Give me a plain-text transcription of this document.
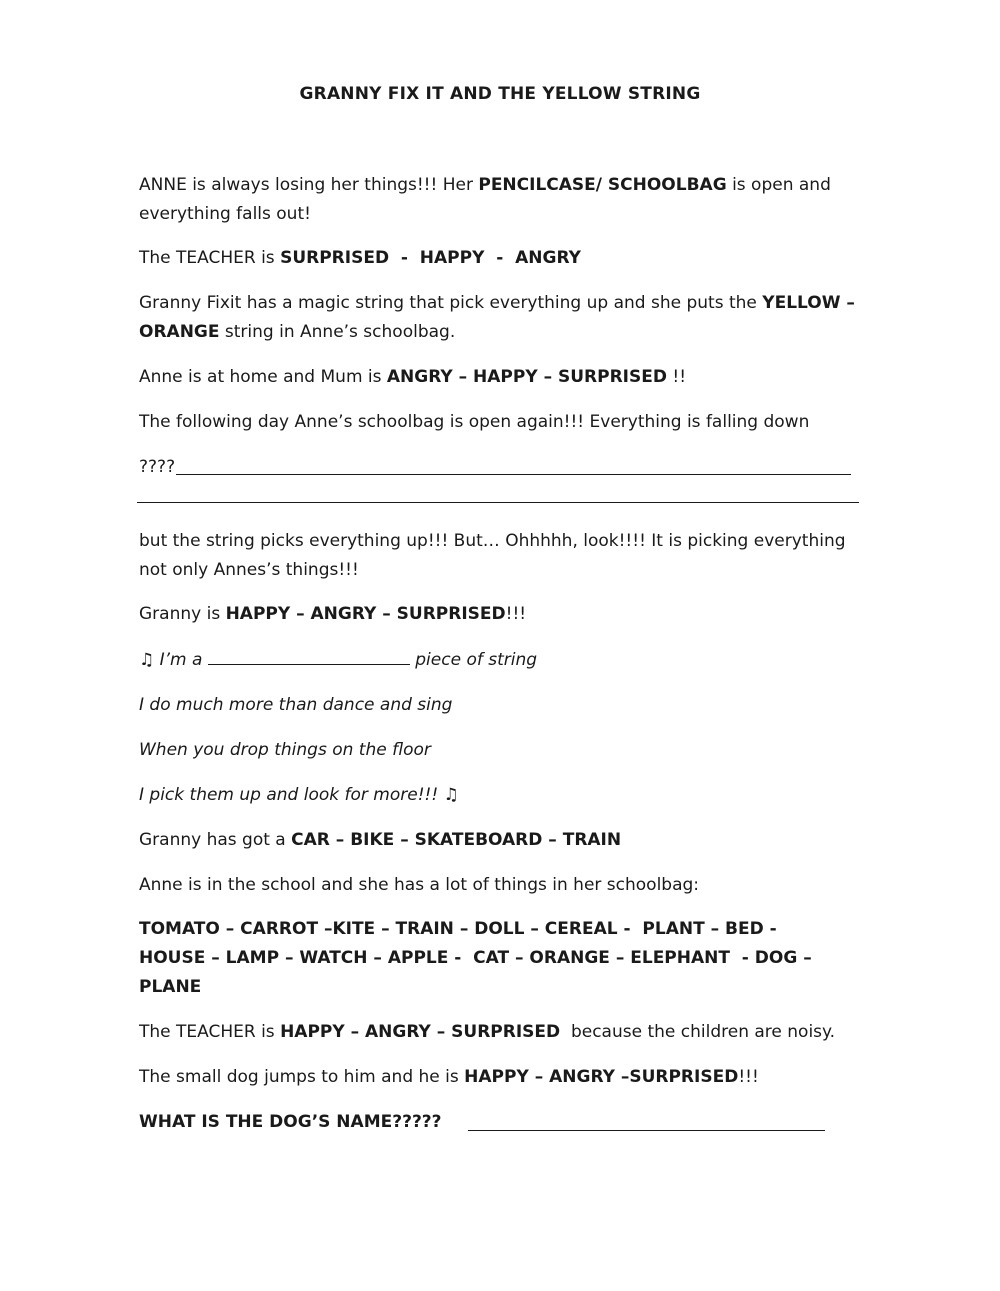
GRANNY FIX IT AND THE YELLOW STRING
ANNE is always losing her things!!! Her PENCILCASE/ SCHOOLBAG is open and everything falls out!
The TEACHER is SURPRISED  -  HAPPY  -  ANGRY
Granny Fixit has a magic string that pick everything up and she puts the YELLOW – ORANGE string in Anne’s schoolbag.
Anne is at home and Mum is ANGRY – HAPPY – SURPRISED !!
The following day Anne’s schoolbag is open again!!! Everything is falling down
????
but the string picks everything up!!! But… Ohhhhh, look!!!! It is picking everything not only Annes’s things!!!
Granny is HAPPY – ANGRY – SURPRISED!!!
♫ I’m a	piece of string
I do much more than dance and sing
When you drop things on the floor
I pick them up and look for more!!! ♫
Granny has got a CAR – BIKE – SKATEBOARD – TRAIN
Anne is in the school and she has a lot of things in her schoolbag:
TOMATO – CARROT –KITE – TRAIN – DOLL – CEREAL -  PLANT – BED -
HOUSE – LAMP – WATCH – APPLE -  CAT – ORANGE – ELEPHANT  - DOG –
PLANE
The TEACHER is HAPPY – ANGRY – SURPRISED  because the children are noisy.
The small dog jumps to him and he is HAPPY – ANGRY –SURPRISED!!!
WHAT IS THE DOG’S NAME?????
